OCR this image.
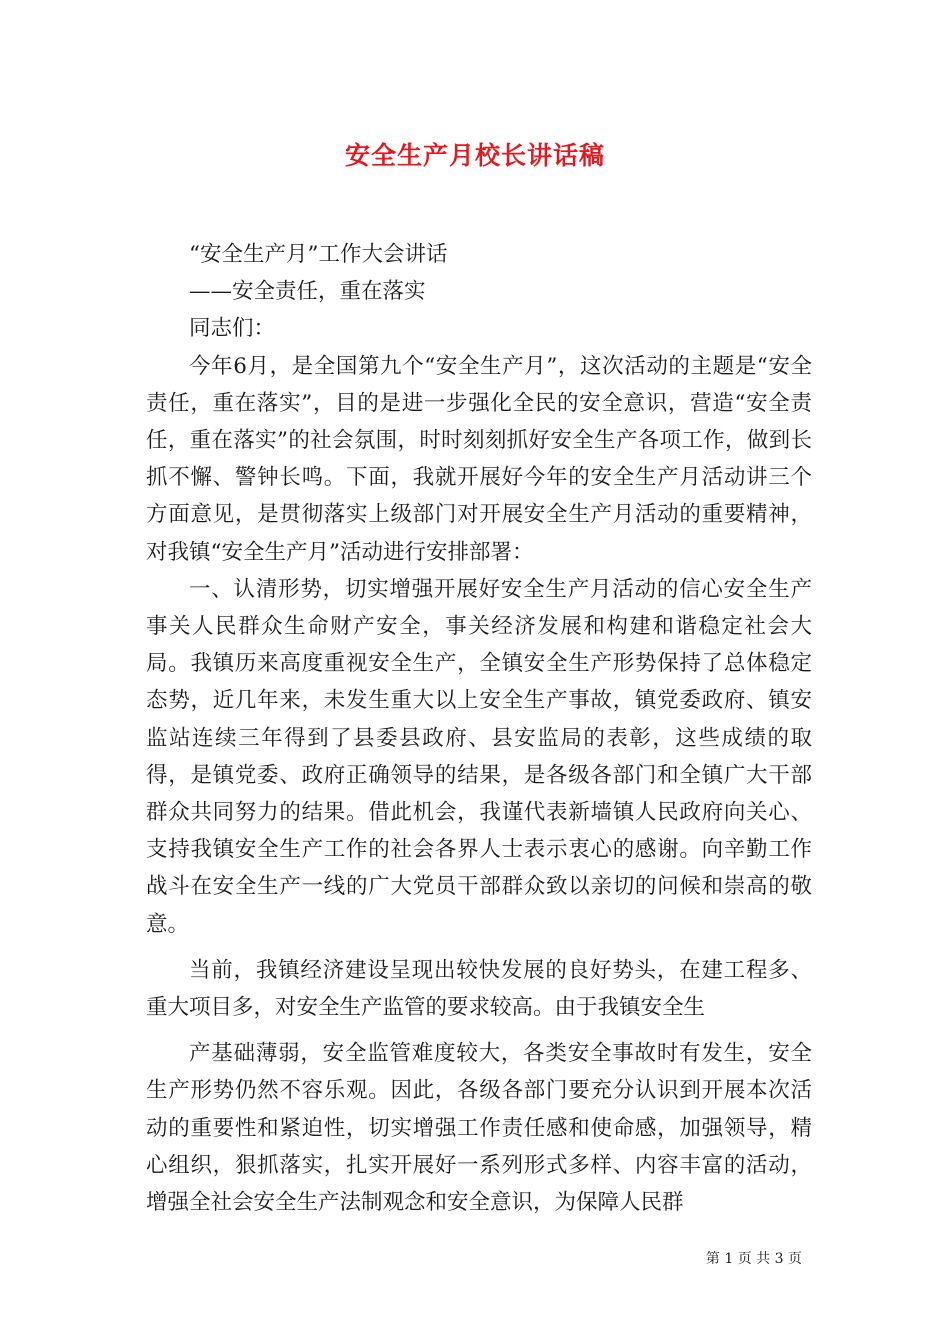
安全生产月校长讲话稿

“安全生产月”工作大会讲话

——安全责任，重在落实

同志们：

今年6月，是全国第九个“安全生产月”，这次活动的主题是“安全责任，重在落实”，目的是进一步强化全民的安全意识，营造“安全责任，重在落实”的社会氛围，时时刻刻抓好安全生产各项工作，做到长抓不懈、警钟长鸣。下面，我就开展好今年的安全生产月活动讲三个方面意见，是贯彻落实上级部门对开展安全生产月活动的重要精神，对我镇“安全生产月”活动进行安排部署：

一、认清形势，切实增强开展好安全生产月活动的信心安全生产事关人民群众生命财产安全，事关经济发展和构建和谐稳定社会大局。我镇历来高度重视安全生产，全镇安全生产形势保持了总体稳定态势，近几年来，未发生重大以上安全生产事故，镇党委政府、镇安监站连续三年得到了县委县政府、县安监局的表彰，这些成绩的取得，是镇党委、政府正确领导的结果，是各级各部门和全镇广大干部群众共同努力的结果。借此机会，我谨代表新墙镇人民政府向关心、支持我镇安全生产工作的社会各界人士表示衷心的感谢。向辛勤工作战斗在安全生产一线的广大党员干部群众致以亲切的问候和崇高的敬意。

当前，我镇经济建设呈现出较快发展的良好势头，在建工程多、重大项目多，对安全生产监管的要求较高。由于我镇安全生

产基础薄弱，安全监管难度较大，各类安全事故时有发生，安全生产形势仍然不容乐观。因此，各级各部门要充分认识到开展本次活动的重要性和紧迫性，切实增强工作责任感和使命感，加强领导，精心组织，狠抓落实，扎实开展好一系列形式多样、内容丰富的活动，增强全社会安全生产法制观念和安全意识，为保障人民群

第 1 页 共 3 页
